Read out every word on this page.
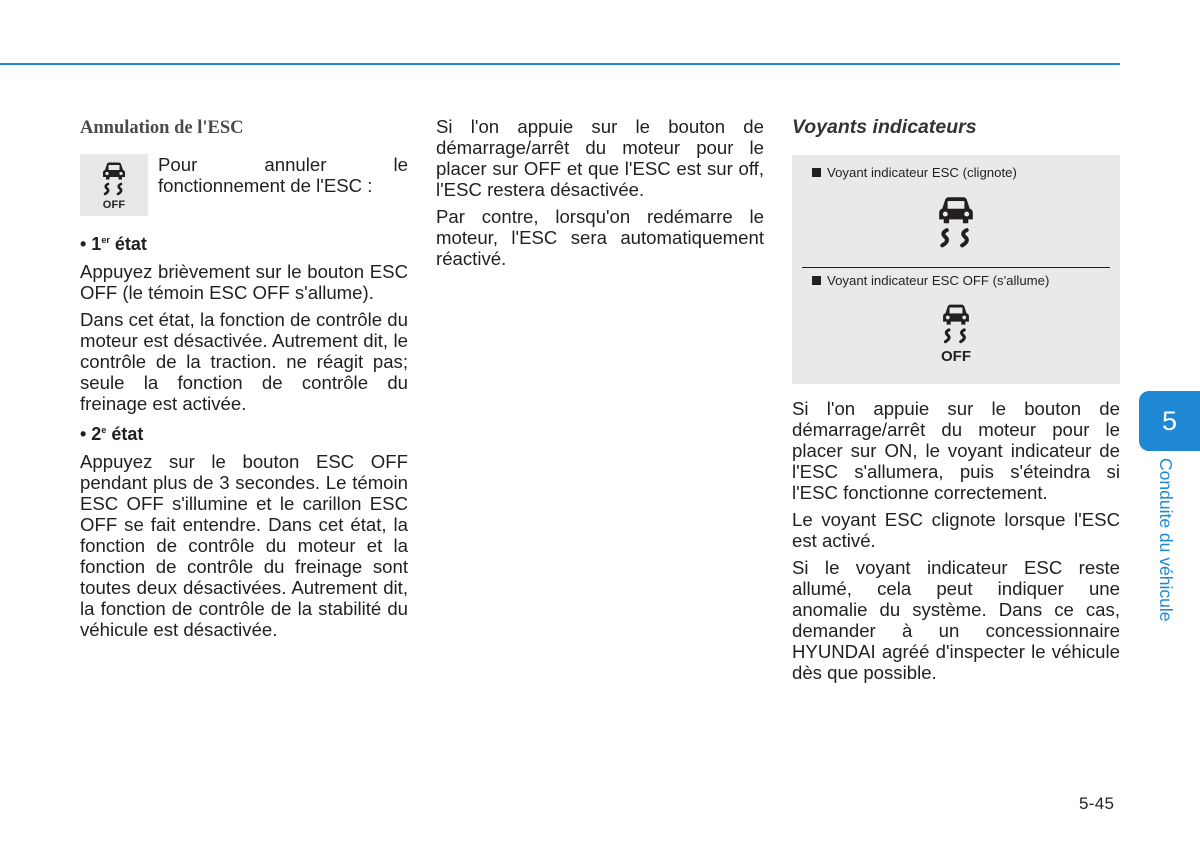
Annulation de l'ESC
OFF
Pour annuler le
fonctionnement de l'ESC :
• 1er état

Appuyez brièvement sur le bouton ESC OFF (le témoin ESC OFF s'allume).

Dans cet état, la fonction de contrôle du moteur est désactivée. Autrement dit, le contrôle de la traction. ne réagit pas; seule la fonction de contrôle du freinage est activée.

• 2e état

Appuyez sur le bouton ESC OFF pendant plus de 3 secondes. Le témoin ESC OFF s'illumine et le carillon ESC OFF se fait entendre. Dans cet état, la fonction de contrôle du moteur et la fonction de contrôle du freinage sont toutes deux désactivées. Autrement dit, la fonction de contrôle de la stabilité du véhicule est désactivée.

Si l'on appuie sur le bouton de démarrage/arrêt du moteur pour le placer sur OFF et que l'ESC est sur off, l'ESC restera désactivée.

Par contre, lorsqu'on redémarre le moteur, l'ESC sera automatiquement réactivé.

Voyants indicateurs
Voyant indicateur ESC (clignote)
Voyant indicateur ESC OFF (s'allume)
OFF

Si l'on appuie sur le bouton de démarrage/arrêt du moteur pour le placer sur ON, le voyant indicateur de l'ESC s'allumera, puis s'éteindra si l'ESC fonctionne correctement.

Le voyant ESC clignote lorsque l'ESC est activé.

Si le voyant indicateur ESC reste allumé, cela peut indiquer une anomalie du système. Dans ce cas, demander à un concessionnaire HYUNDAI agréé d'inspecter le véhicule dès que possible.

5
Conduite du véhicule
5-45
